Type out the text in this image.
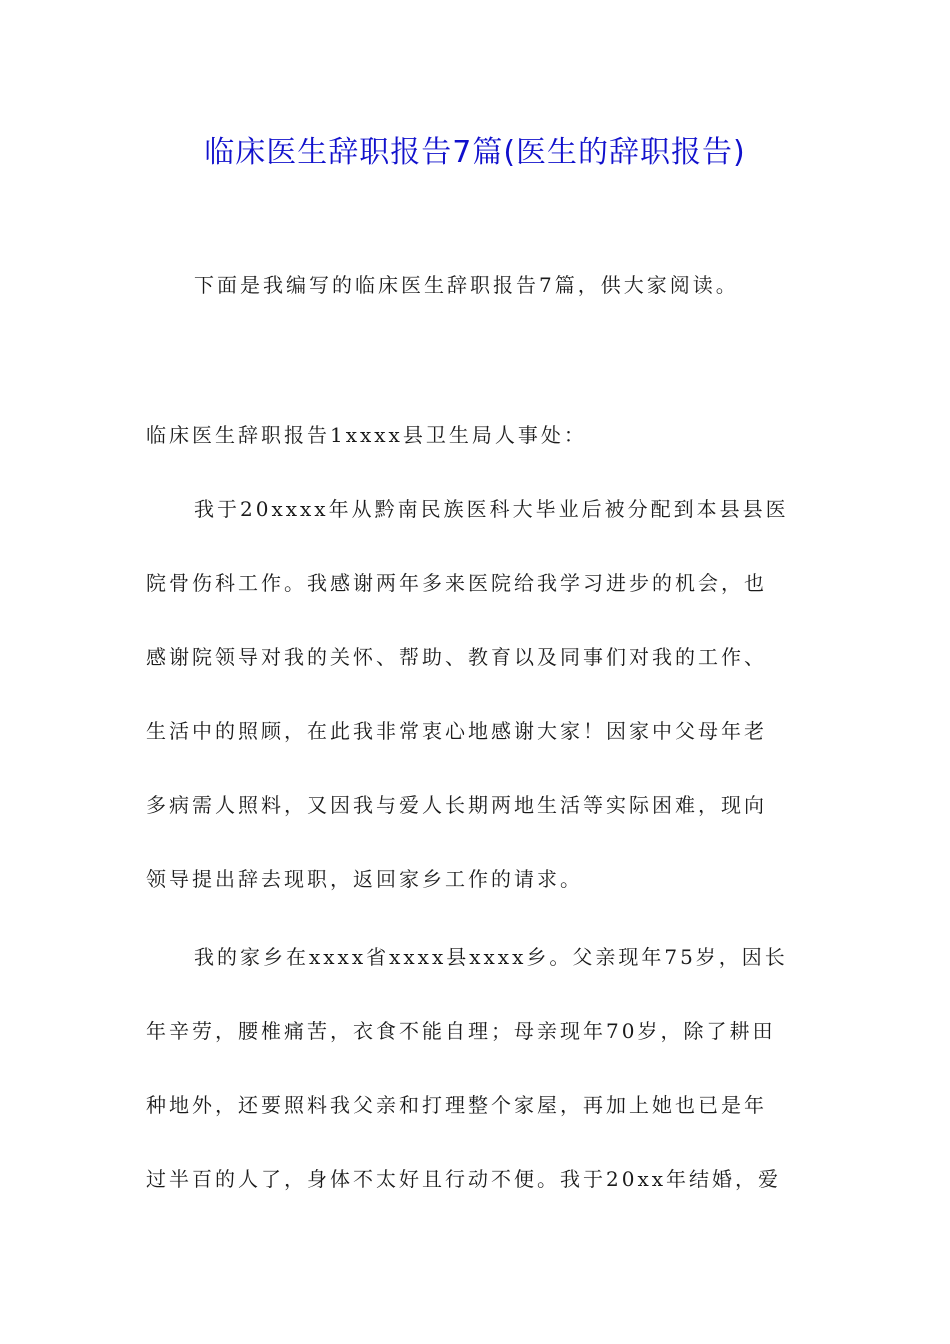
临床医生辞职报告7篇(医生的辞职报告)
下面是我编写的临床医生辞职报告7篇，供大家阅读。
临床医生辞职报告1xxxx县卫生局人事处：
我于20xxxx年从黔南民族医科大毕业后被分配到本县县医
院骨伤科工作。我感谢两年多来医院给我学习进步的机会，也
感谢院领导对我的关怀、帮助、教育以及同事们对我的工作、
生活中的照顾，在此我非常衷心地感谢大家！因家中父母年老
多病需人照料，又因我与爱人长期两地生活等实际困难，现向
领导提出辞去现职，返回家乡工作的请求。
我的家乡在xxxx省xxxx县xxxx乡。父亲现年75岁，因长
年辛劳，腰椎痛苦，衣食不能自理；母亲现年70岁，除了耕田
种地外，还要照料我父亲和打理整个家屋，再加上她也已是年
过半百的人了，身体不太好且行动不便。我于20xx年结婚，爱
